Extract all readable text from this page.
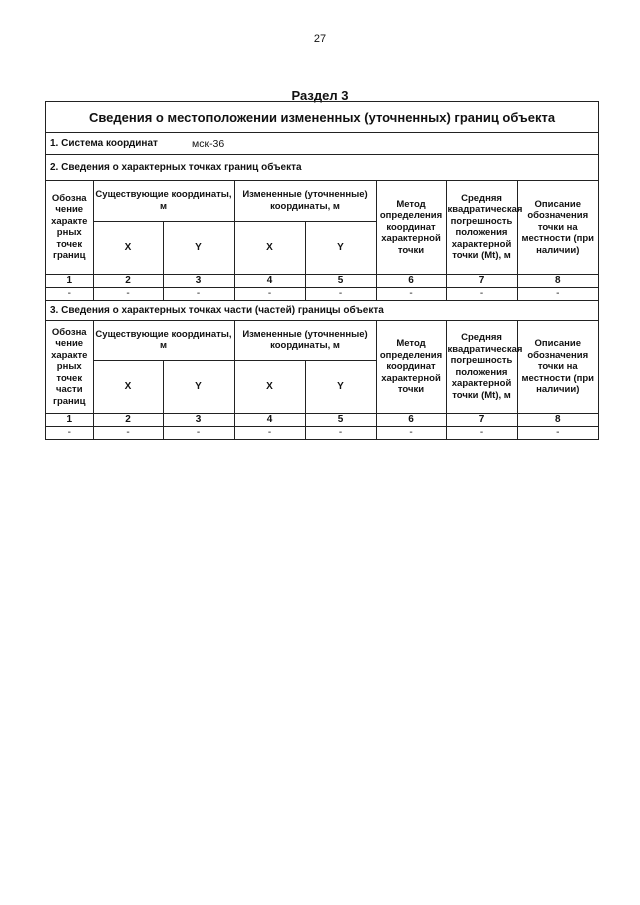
27
Раздел 3
Сведения о местоположении измененных (уточненных) границ объекта
1. Система координат	мск-36
2. Сведения о характерных точках границ объекта
Обозна чение характе рных точек границ	Существующие координаты, м		Измененные (уточненные) координаты, м		Метод определения координат характерной точки	Средняя квадратическая погрешность положения характерной точки (Mt), м	Описание обозначения точки на местности (при наличии)
	X	Y	X	Y			
1	2	3	4	5	6	7	8
-	-	-	-	-	-	-	-
3. Сведения о характерных точках части (частей) границы объекта
Обозна чение характе рных точек части границ	Существующие координаты, м		Измененные (уточненные) координаты, м		Метод определения координат характерной точки	Средняя квадратическая погрешность положения характерной точки (Mt), м	Описание обозначения точки на местности (при наличии)
	X	Y	X	Y			
1	2	3	4	5	6	7	8
-	-	-	-	-	-	-	-
